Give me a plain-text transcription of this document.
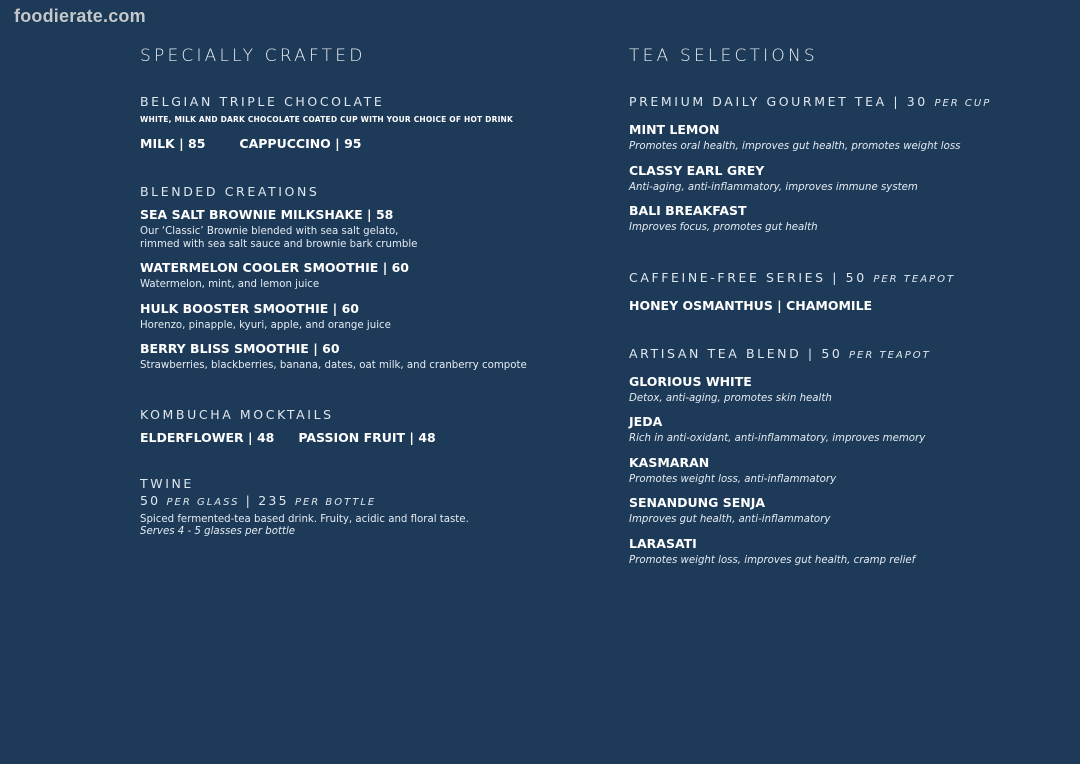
foodierate.com
SPECIALLY CRAFTED
BELGIAN TRIPLE CHOCOLATE
WHITE, MILK AND DARK CHOCOLATE COATED CUP WITH YOUR CHOICE OF HOT DRINK
MILK | 85	CAPPUCCINO | 95
BLENDED CREATIONS
SEA SALT BROWNIE MILKSHAKE | 58
Our ‘Classic’ Brownie blended with sea salt gelato,
rimmed with sea salt sauce and brownie bark crumble
WATERMELON COOLER SMOOTHIE | 60
Watermelon, mint, and lemon juice
HULK BOOSTER SMOOTHIE | 60
Horenzo, pinapple, kyuri, apple, and orange juice
BERRY BLISS SMOOTHIE | 60
Strawberries, blackberries, banana, dates, oat milk, and cranberry compote
KOMBUCHA MOCKTAILS
ELDERFLOWER | 48 PASSION FRUIT | 48
TWINE
50 PER GLASS | 235 PER BOTTLE
Spiced fermented-tea based drink. Fruity, acidic and floral taste.
Serves 4 - 5 glasses per bottle
TEA SELECTIONS
PREMIUM DAILY GOURMET TEA | 30 PER CUP
MINT LEMON
Promotes oral health, improves gut health, promotes weight loss
CLASSY EARL GREY
Anti-aging, anti-inflammatory, improves immune system
BALI BREAKFAST
Improves focus, promotes gut health
CAFFEINE-FREE SERIES | 50 PER TEAPOT
HONEY OSMANTHUS | CHAMOMILE
ARTISAN TEA BLEND | 50 PER TEAPOT
GLORIOUS WHITE
Detox, anti-aging, promotes skin health
JEDA
Rich in anti-oxidant, anti-inflammatory, improves memory
KASMARAN
Promotes weight loss, anti-inflammatory
SENANDUNG SENJA
Improves gut health, anti-inflammatory
LARASATI
Promotes weight loss, improves gut health, cramp relief
